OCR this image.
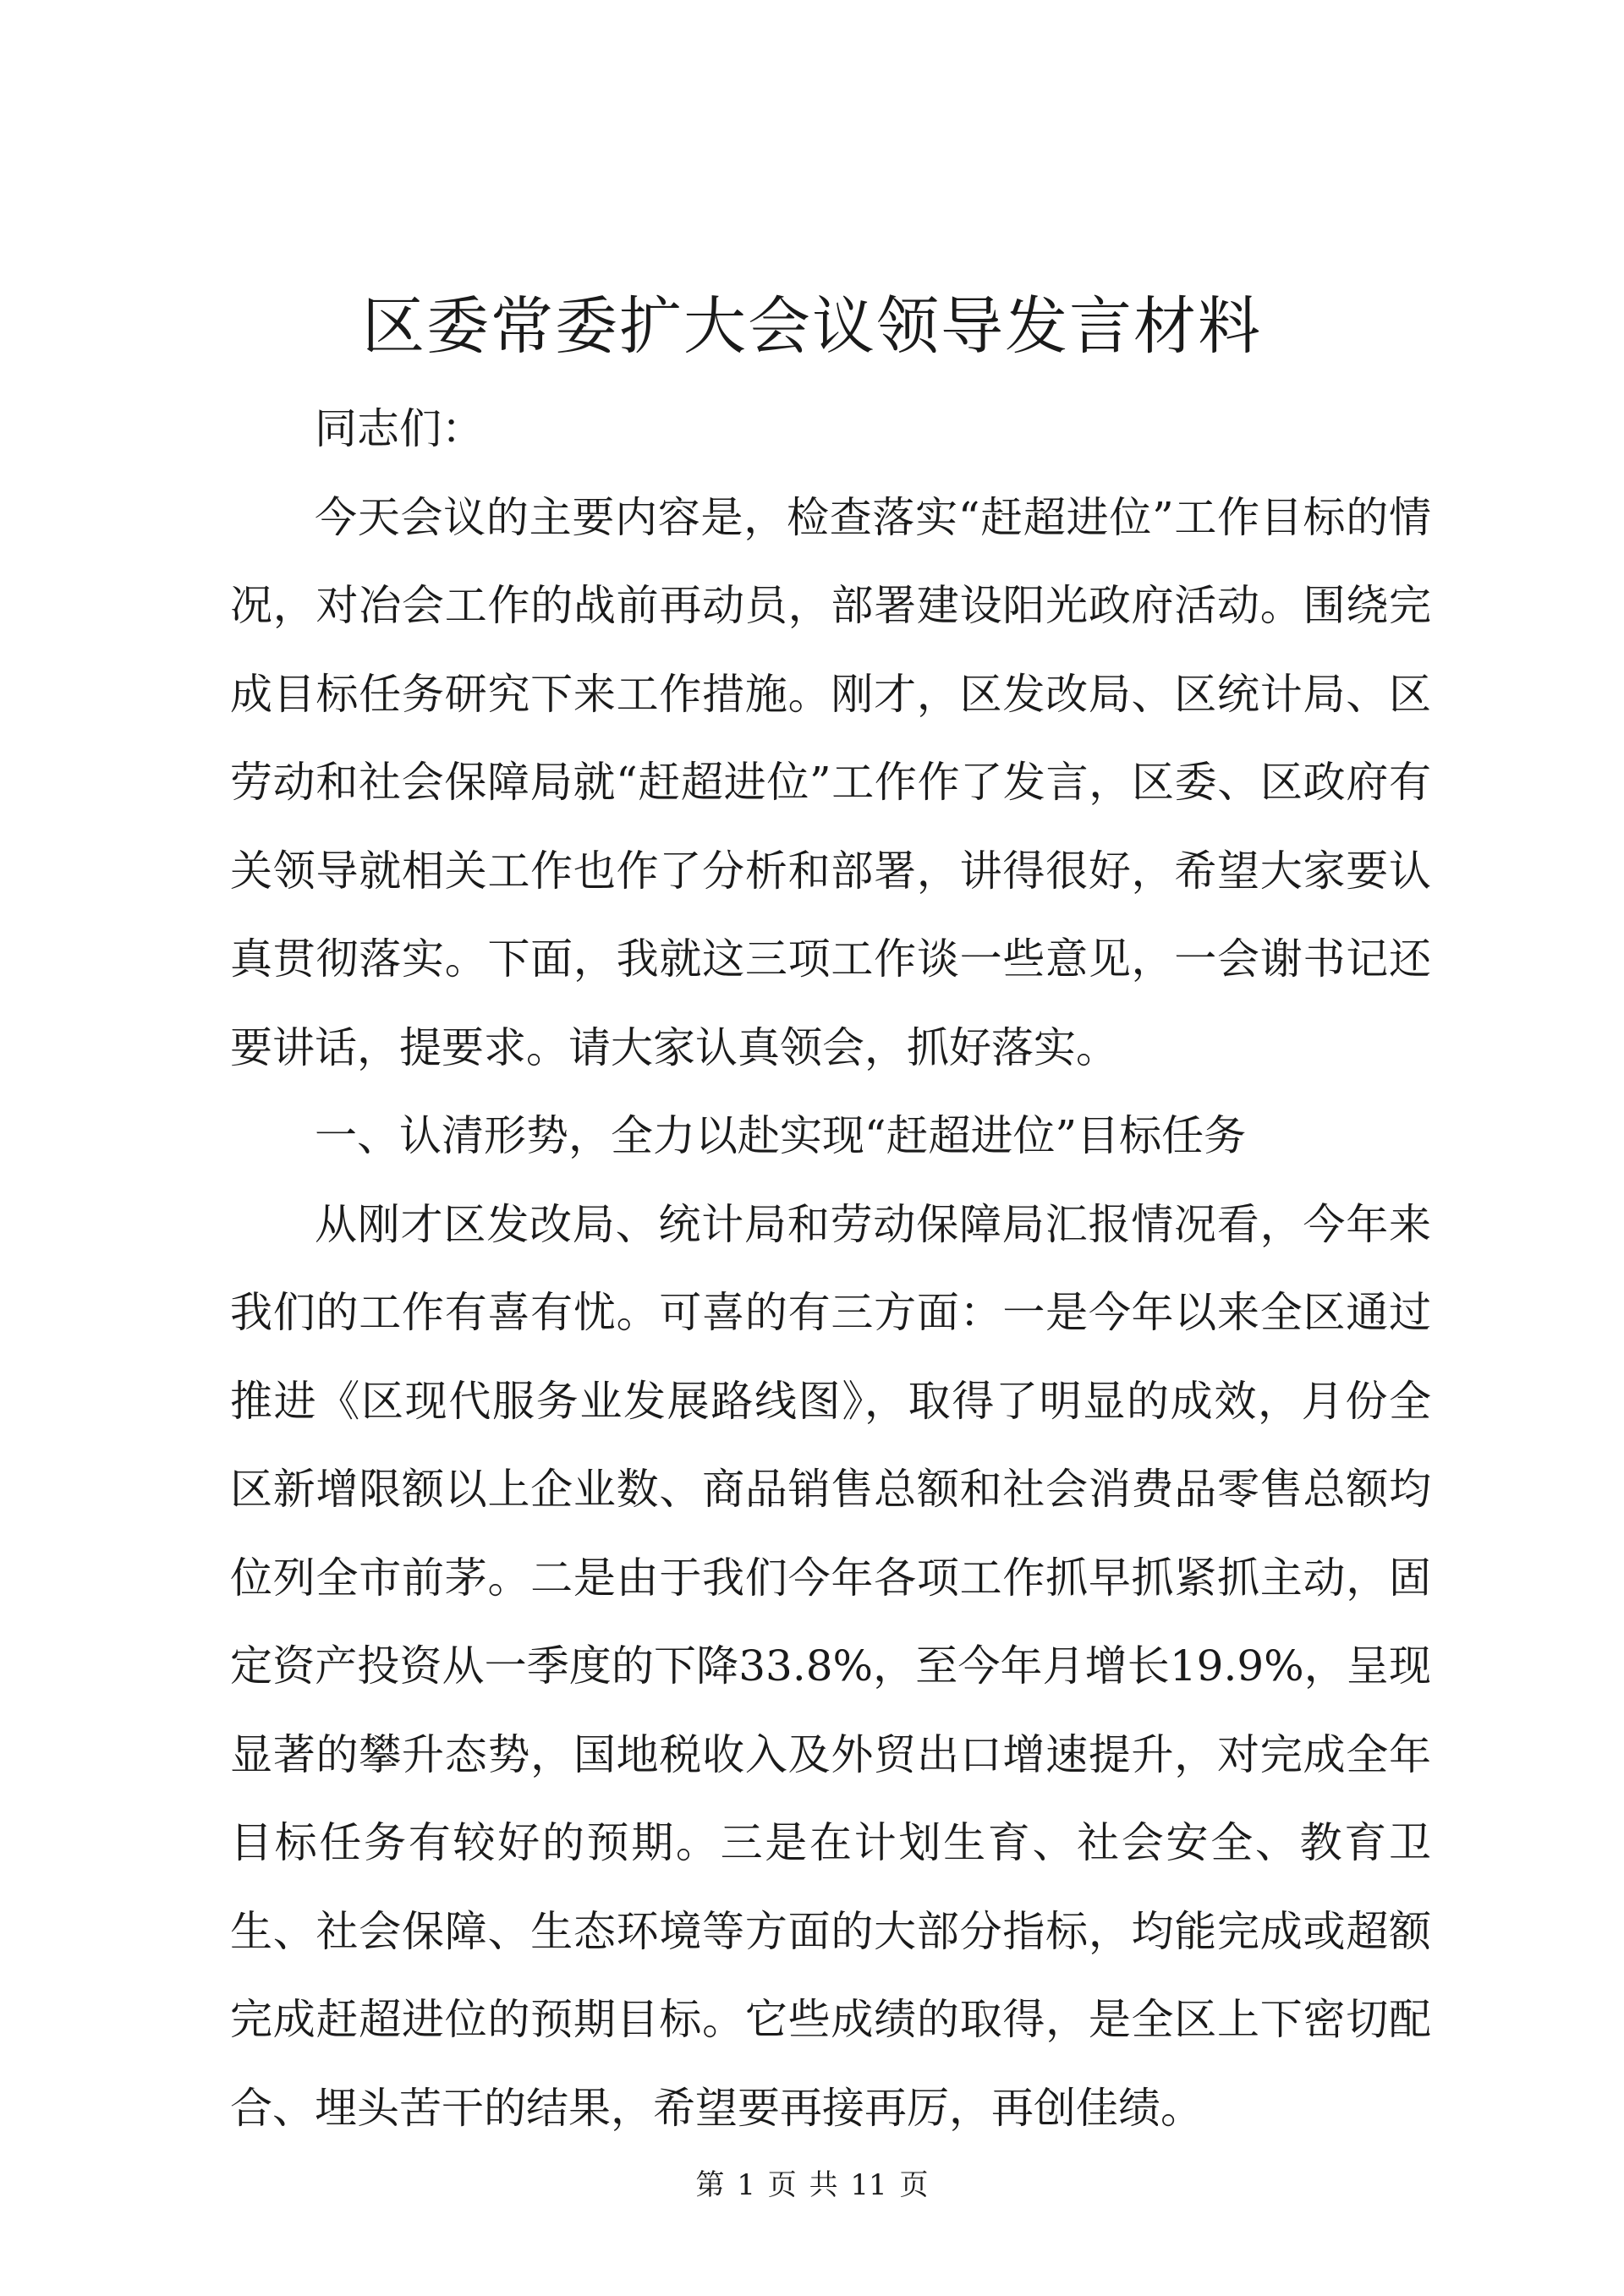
区委常委扩大会议领导发言材料

同志们：

今天会议的主要内容是，检查落实“赶超进位”工作目标的情况，对冶会工作的战前再动员，部署建设阳光政府活动。围绕完成目标任务研究下来工作措施。刚才，区发改局、区统计局、区劳动和社会保障局就“赶超进位”工作作了发言，区委、区政府有关领导就相关工作也作了分析和部署，讲得很好，希望大家要认真贯彻落实。下面，我就这三项工作谈一些意见，一会谢书记还要讲话，提要求。请大家认真领会，抓好落实。

一、认清形势，全力以赴实现“赶超进位”目标任务

从刚才区发改局、统计局和劳动保障局汇报情况看，今年来我们的工作有喜有忧。可喜的有三方面：一是今年以来全区通过推进《区现代服务业发展路线图》，取得了明显的成效，月份全区新增限额以上企业数、商品销售总额和社会消费品零售总额均位列全市前茅。二是由于我们今年各项工作抓早抓紧抓主动，固定资产投资从一季度的下降33.8%，至今年月增长19.9%，呈现显著的攀升态势，国地税收入及外贸出口增速提升，对完成全年目标任务有较好的预期。三是在计划生育、社会安全、教育卫生、社会保障、生态环境等方面的大部分指标，均能完成或超额完成赶超进位的预期目标。它些成绩的取得，是全区上下密切配合、埋头苦干的结果，希望要再接再厉，再创佳绩。

第 1 页 共 11 页
